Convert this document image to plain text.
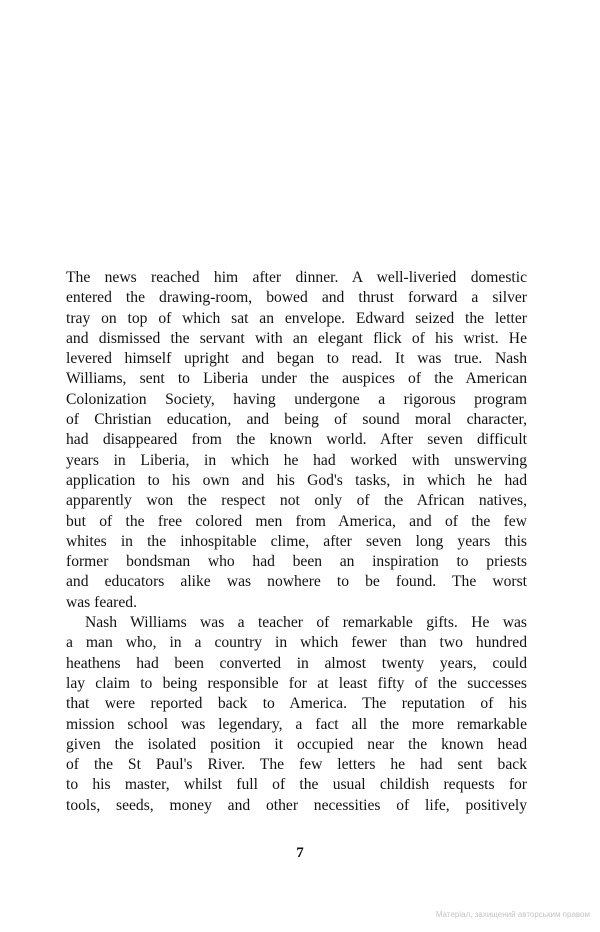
The news reached him after dinner. A well-liveried domestic
entered the drawing-room, bowed and thrust forward a silver
tray on top of which sat an envelope. Edward seized the letter
and dismissed the servant with an elegant flick of his wrist. He
levered himself upright and began to read. It was true. Nash
Williams, sent to Liberia under the auspices of the American
Colonization Society, having undergone a rigorous program
of Christian education, and being of sound moral character,
had disappeared from the known world. After seven difficult
years in Liberia, in which he had worked with unswerving
application to his own and his God's tasks, in which he had
apparently won the respect not only of the African natives,
but of the free colored men from America, and of the few
whites in the inhospitable clime, after seven long years this
former bondsman who had been an inspiration to priests
and educators alike was nowhere to be found. The worst
was feared.
Nash Williams was a teacher of remarkable gifts. He was
a man who, in a country in which fewer than two hundred
heathens had been converted in almost twenty years, could
lay claim to being responsible for at least fifty of the successes
that were reported back to America. The reputation of his
mission school was legendary, a fact all the more remarkable
given the isolated position it occupied near the known head
of the St Paul's River. The few letters he had sent back
to his master, whilst full of the usual childish requests for
tools, seeds, money and other necessities of life, positively
7
Матеріал, захищений авторським правом
